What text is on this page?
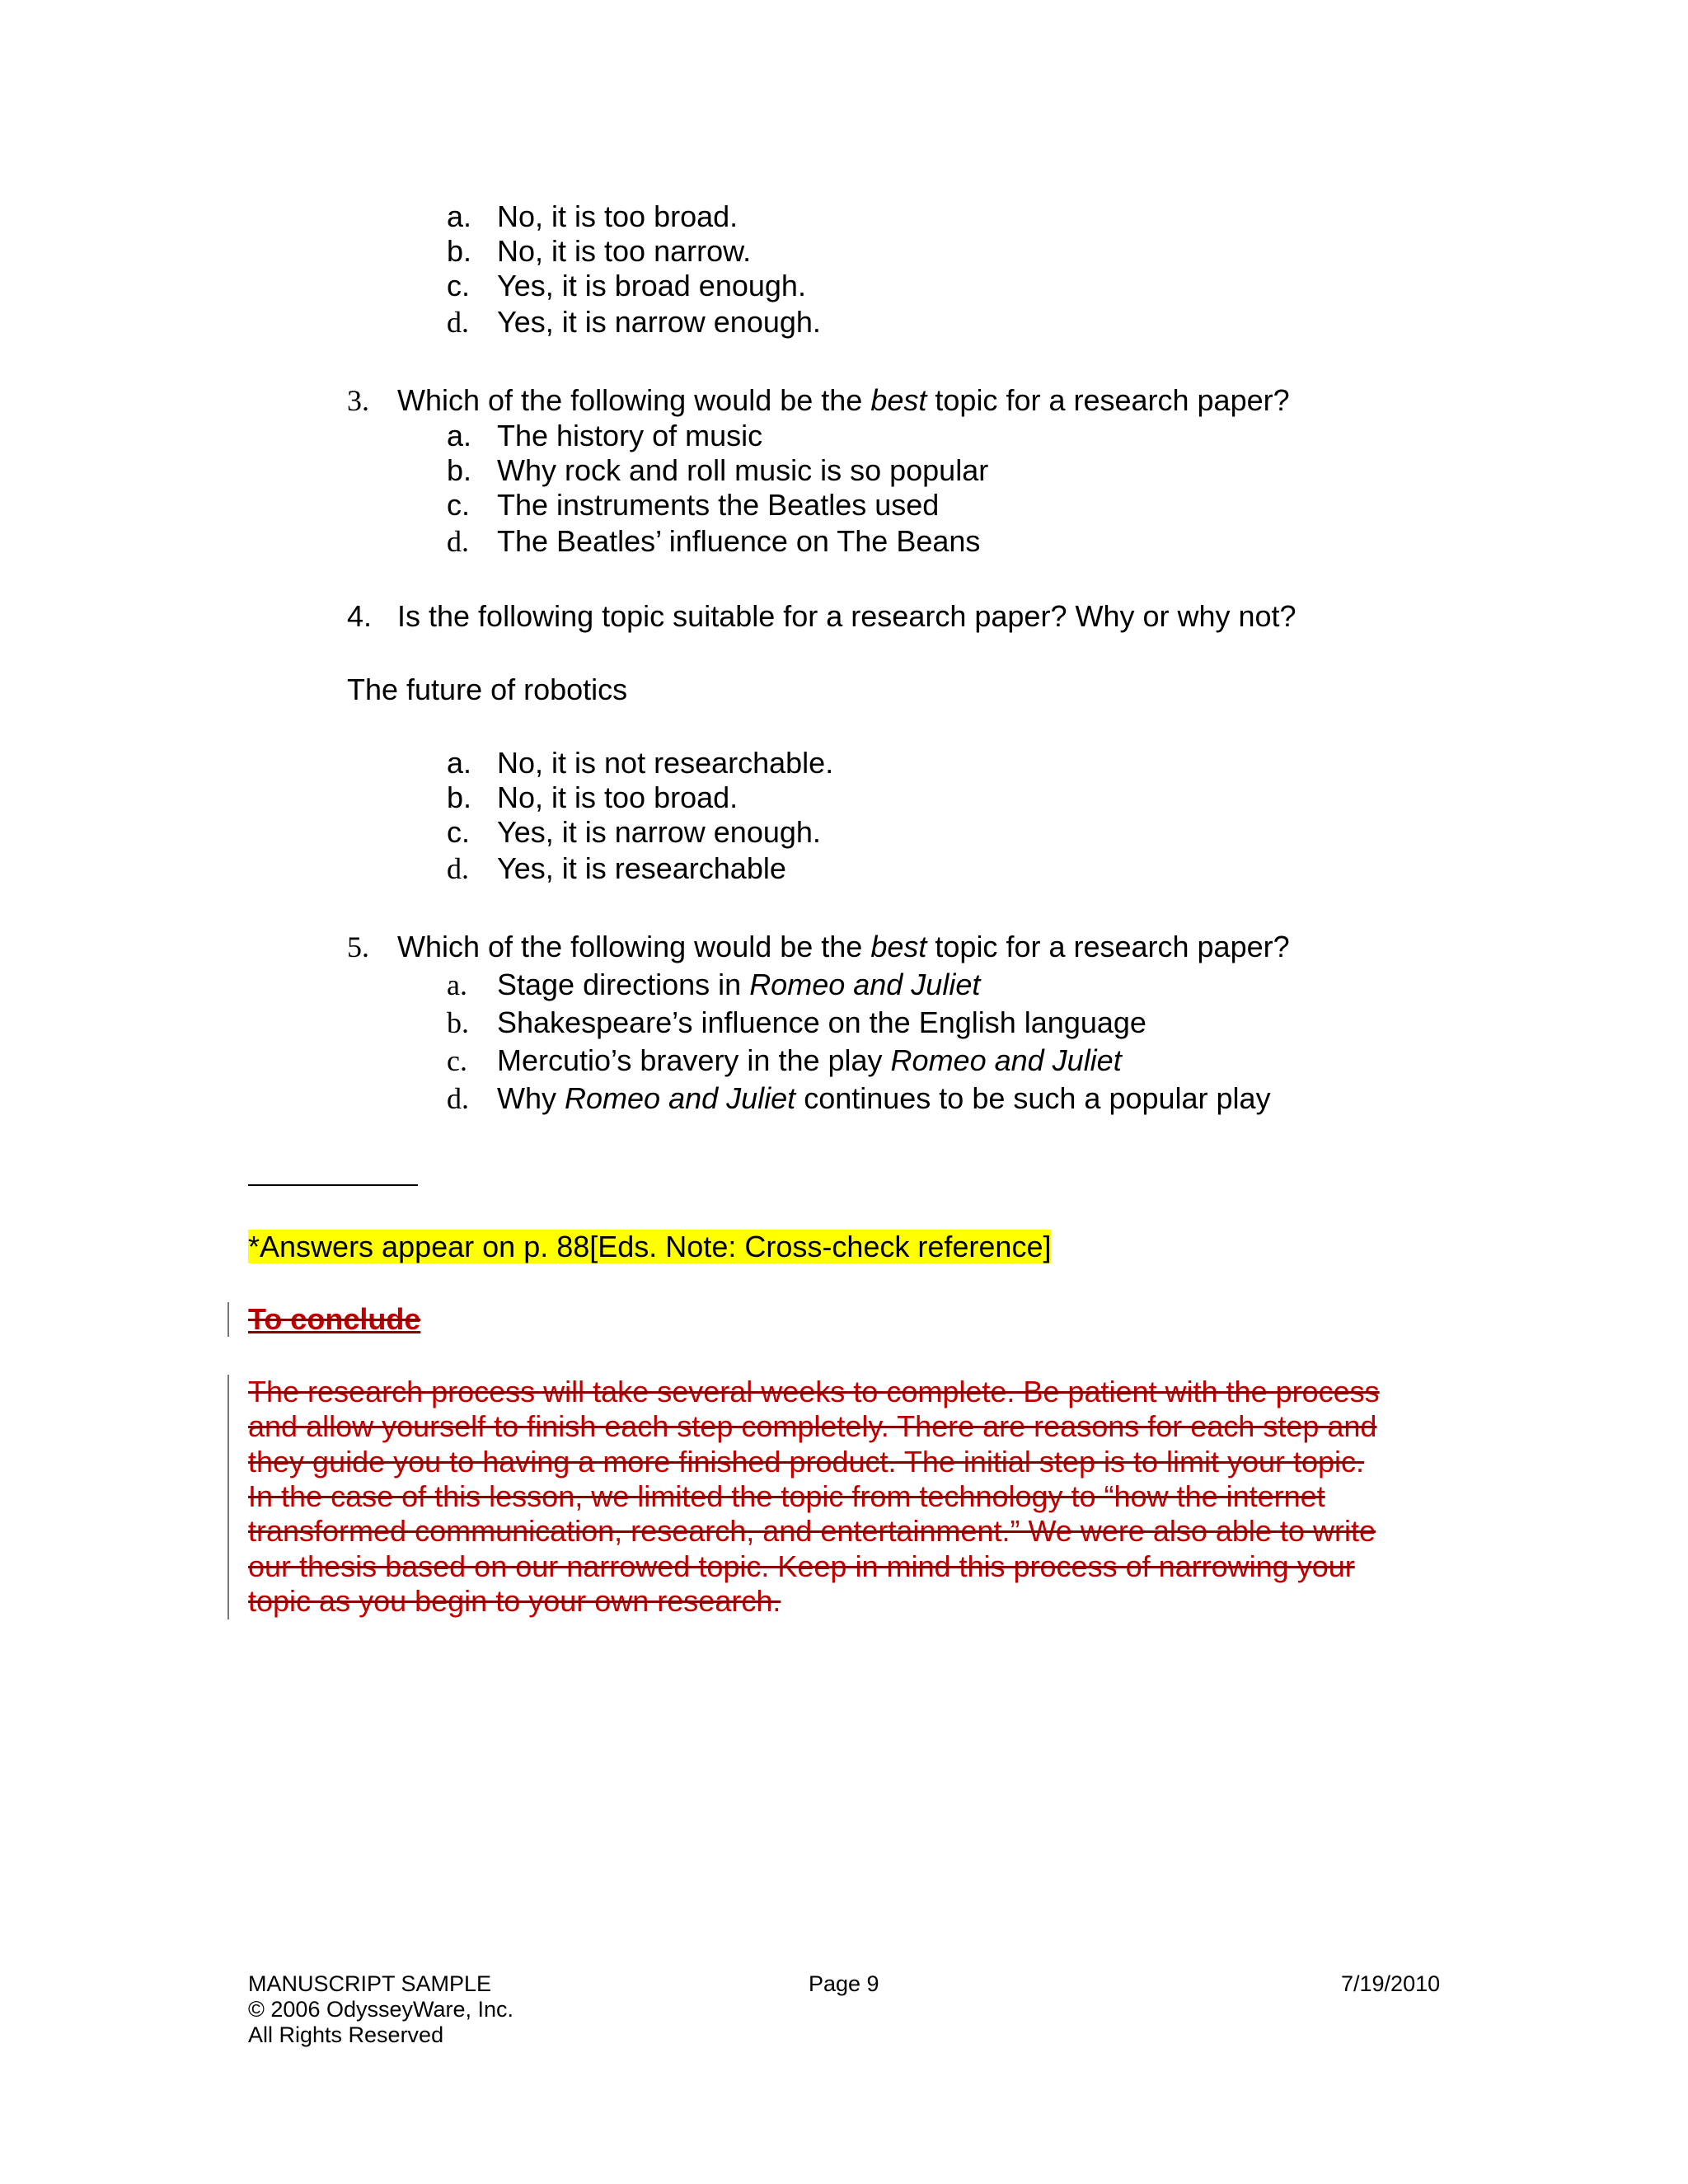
a. No, it is too broad.
b. No, it is too narrow.
c. Yes, it is broad enough.
d. Yes, it is narrow enough.
3. Which of the following would be the best topic for a research paper?
a. The history of music
b. Why rock and roll music is so popular
c. The instruments the Beatles used
d. The Beatles’ influence on The Beans
4. Is the following topic suitable for a research paper? Why or why not?
The future of robotics
a. No, it is not researchable.
b. No, it is too broad.
c. Yes, it is narrow enough.
d. Yes, it is researchable
5. Which of the following would be the best topic for a research paper?
a. Stage directions in Romeo and Juliet
b. Shakespeare’s influence on the English language
c. Mercutio’s bravery in the play Romeo and Juliet
d. Why Romeo and Juliet continues to be such a popular play
*Answers appear on p. 88[Eds. Note: Cross-check reference]
To conclude
The research process will take several weeks to complete. Be patient with the process
and allow yourself to finish each step completely. There are reasons for each step and
they guide you to having a more finished product. The initial step is to limit your topic.
In the case of this lesson, we limited the topic from technology to “how the internet
transformed communication, research, and entertainment.” We were also able to write
our thesis based on our narrowed topic. Keep in mind this process of narrowing your
topic as you begin to your own research.
MANUSCRIPT SAMPLE
© 2006 OdysseyWare, Inc.
All Rights Reserved
Page 9	7/19/2010
